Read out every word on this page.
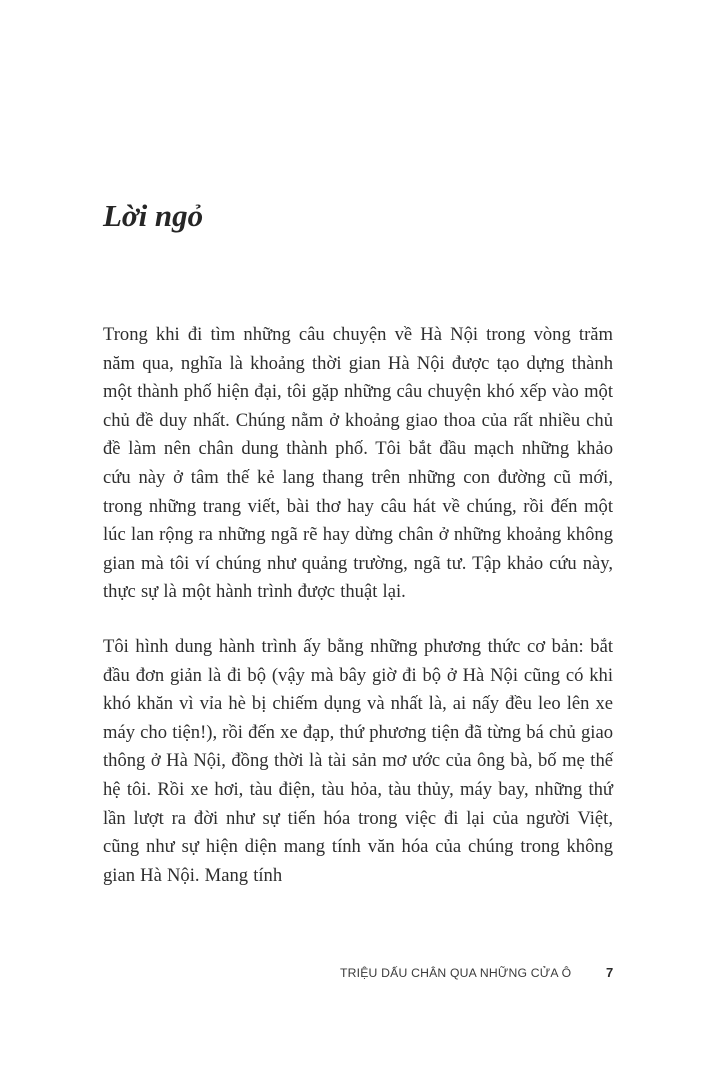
Lời ngỏ

Trong khi đi tìm những câu chuyện về Hà Nội trong vòng trăm năm qua, nghĩa là khoảng thời gian Hà Nội được tạo dựng thành một thành phố hiện đại, tôi gặp những câu chuyện khó xếp vào một chủ đề duy nhất. Chúng nằm ở khoảng giao thoa của rất nhiều chủ đề làm nên chân dung thành phố. Tôi bắt đầu mạch những khảo cứu này ở tâm thế kẻ lang thang trên những con đường cũ mới, trong những trang viết, bài thơ hay câu hát về chúng, rồi đến một lúc lan rộng ra những ngã rẽ hay dừng chân ở những khoảng không gian mà tôi ví chúng như quảng trường, ngã tư. Tập khảo cứu này, thực sự là một hành trình được thuật lại.

Tôi hình dung hành trình ấy bằng những phương thức cơ bản: bắt đầu đơn giản là đi bộ (vậy mà bây giờ đi bộ ở Hà Nội cũng có khi khó khăn vì vỉa hè bị chiếm dụng và nhất là, ai nấy đều leo lên xe máy cho tiện!), rồi đến xe đạp, thứ phương tiện đã từng bá chủ giao thông ở Hà Nội, đồng thời là tài sản mơ ước của ông bà, bố mẹ thế hệ tôi. Rồi xe hơi, tàu điện, tàu hỏa, tàu thủy, máy bay, những thứ lần lượt ra đời như sự tiến hóa trong việc đi lại của người Việt, cũng như sự hiện diện mang tính văn hóa của chúng trong không gian Hà Nội. Mang tính

TRIỆU DẤU CHÂN QUA NHỮNG CỬA Ô	7
